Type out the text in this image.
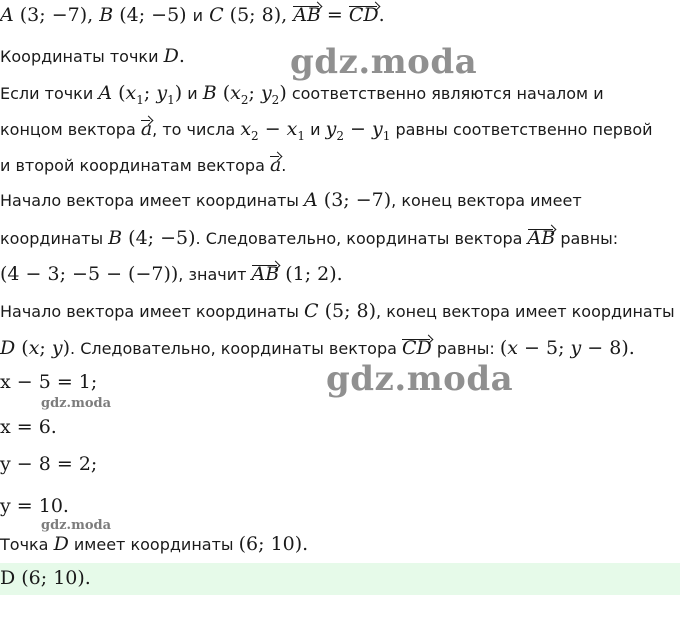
A (3; −7), B (4; −5) и C (5; 8), AB = CD.
Координаты точки D.
Если точки A ($x_1$; $y_1$) и B ($x_2$; $y_2$) соответственно являются началом и
концом вектора a, то числа $x_2 - x_1$ и $y_2 - y_1$ равны соответственно первой
и второй координатам вектора a.
Начало вектора имеет координаты A (3; −7), конец вектора имеет
координаты B (4; −5). Следовательно, координаты вектора AB равны:
(4 − 3; −5 − (−7)), значит AB (1; 2).
Начало вектора имеет координаты C (5; 8), конец вектора имеет координаты
D (x; y). Следовательно, координаты вектора CD равны: (x − 5; y − 8).
x − 5 = 1;
x = 6.
y − 8 = 2;
y = 10.
Точка D имеет координаты (6; 10).
D (6; 10).
gdz.moda
gdz.moda
gdz.moda
gdz.moda
